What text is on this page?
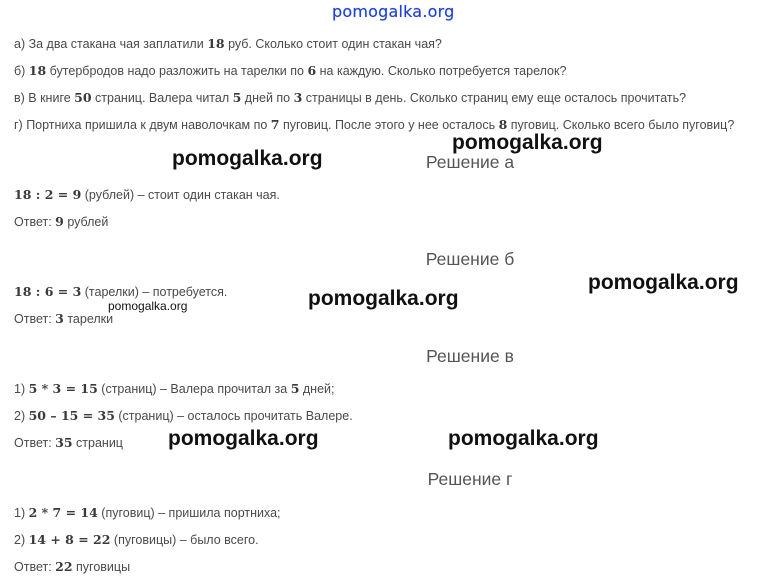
pomogalka.org
а) За два стакана чая заплатили 18 руб. Сколько стоит один стакан чая?
б) 18 бутербродов надо разложить на тарелки по 6 на каждую. Сколько потребуется тарелок?
в) В книге 50 страниц. Валера читал 5 дней по 3 страницы в день. Сколько страниц ему еще осталось прочитать?
г) Портниха пришила к двум наволочкам по 7 пуговиц. После этого у нее осталось 8 пуговиц. Сколько всего было пуговиц?
Решение а
18 : 2 = 9 (рублей) – стоит один стакан чая.
Ответ: 9 рублей
Решение б
18 : 6 = 3 (тарелки) – потребуется.
Ответ: 3 тарелки
Решение в
1) 5 * 3 = 15 (страниц) – Валера прочитал за 5 дней;
2) 50 – 15 = 35 (страниц) – осталось прочитать Валере.
Ответ: 35 страниц
Решение г
1) 2 * 7 = 14 (пуговиц) – пришила портниха;
2) 14 + 8 = 22 (пуговицы) – было всего.
Ответ: 22 пуговицы
pomogalka.org
pomogalka.org
pomogalka.org
pomogalka.org
pomogalka.org
pomogalka.org	pomogalka.org
